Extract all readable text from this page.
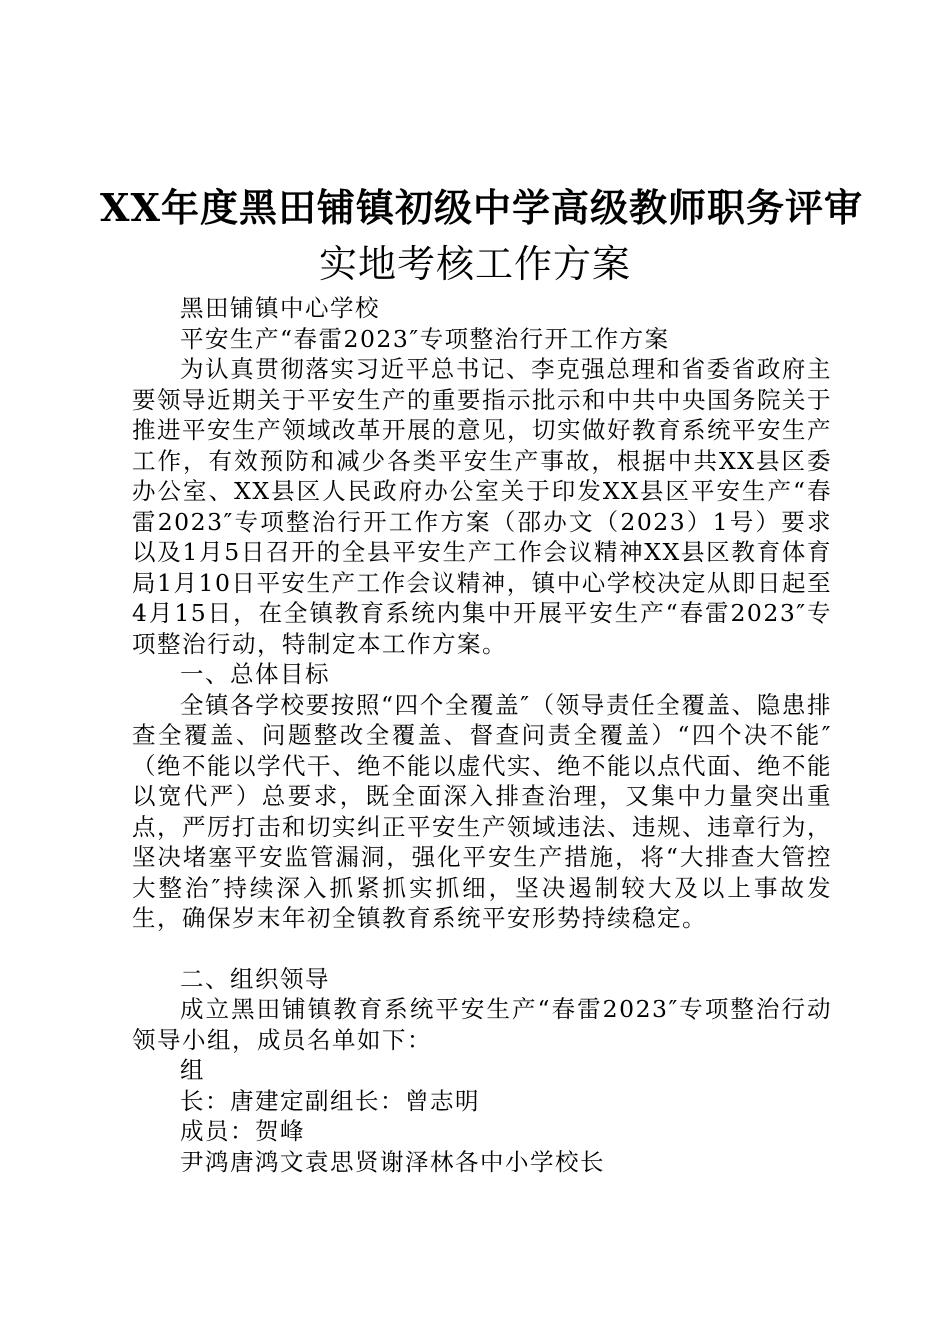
XX年度黑田铺镇初级中学高级教师职务评审
实地考核工作方案

黑田铺镇中心学校

平安生产“春雷2023″专项整治行开工作方案

为认真贯彻落实习近平总书记、李克强总理和省委省政府主要领导近期关于平安生产的重要指示批示和中共中央国务院关于推进平安生产领域改革开展的意见，切实做好教育系统平安生产工作，有效预防和减少各类平安生产事故，根据中共XX县区委办公室、XX县区人民政府办公室关于印发XX县区平安生产“春雷2023″专项整治行开工作方案（邵办文（2023）1号）要求以及1月5日召开的全县平安生产工作会议精神XX县区教育体育局1月10日平安生产工作会议精神，镇中心学校决定从即日起至4月15日，在全镇教育系统内集中开展平安生产“春雷2023″专项整治行动，特制定本工作方案。

一、总体目标

全镇各学校要按照“四个全覆盖″（领导责任全覆盖、隐患排查全覆盖、问题整改全覆盖、督查问责全覆盖）“四个决不能″（绝不能以学代干、绝不能以虚代实、绝不能以点代面、绝不能以宽代严）总要求，既全面深入排查治理，又集中力量突出重点，严厉打击和切实纠正平安生产领域违法、违规、违章行为，坚决堵塞平安监管漏洞，强化平安生产措施，将“大排查大管控大整治″持续深入抓紧抓实抓细，坚决遏制较大及以上事故发生，确保岁末年初全镇教育系统平安形势持续稳定。

二、组织领导

成立黑田铺镇教育系统平安生产“春雷2023″专项整治行动领导小组，成员名单如下：

组

长：唐建定副组长：曾志明

成员：贺峰

尹鸿唐鸿文袁思贤谢泽林各中小学校长
